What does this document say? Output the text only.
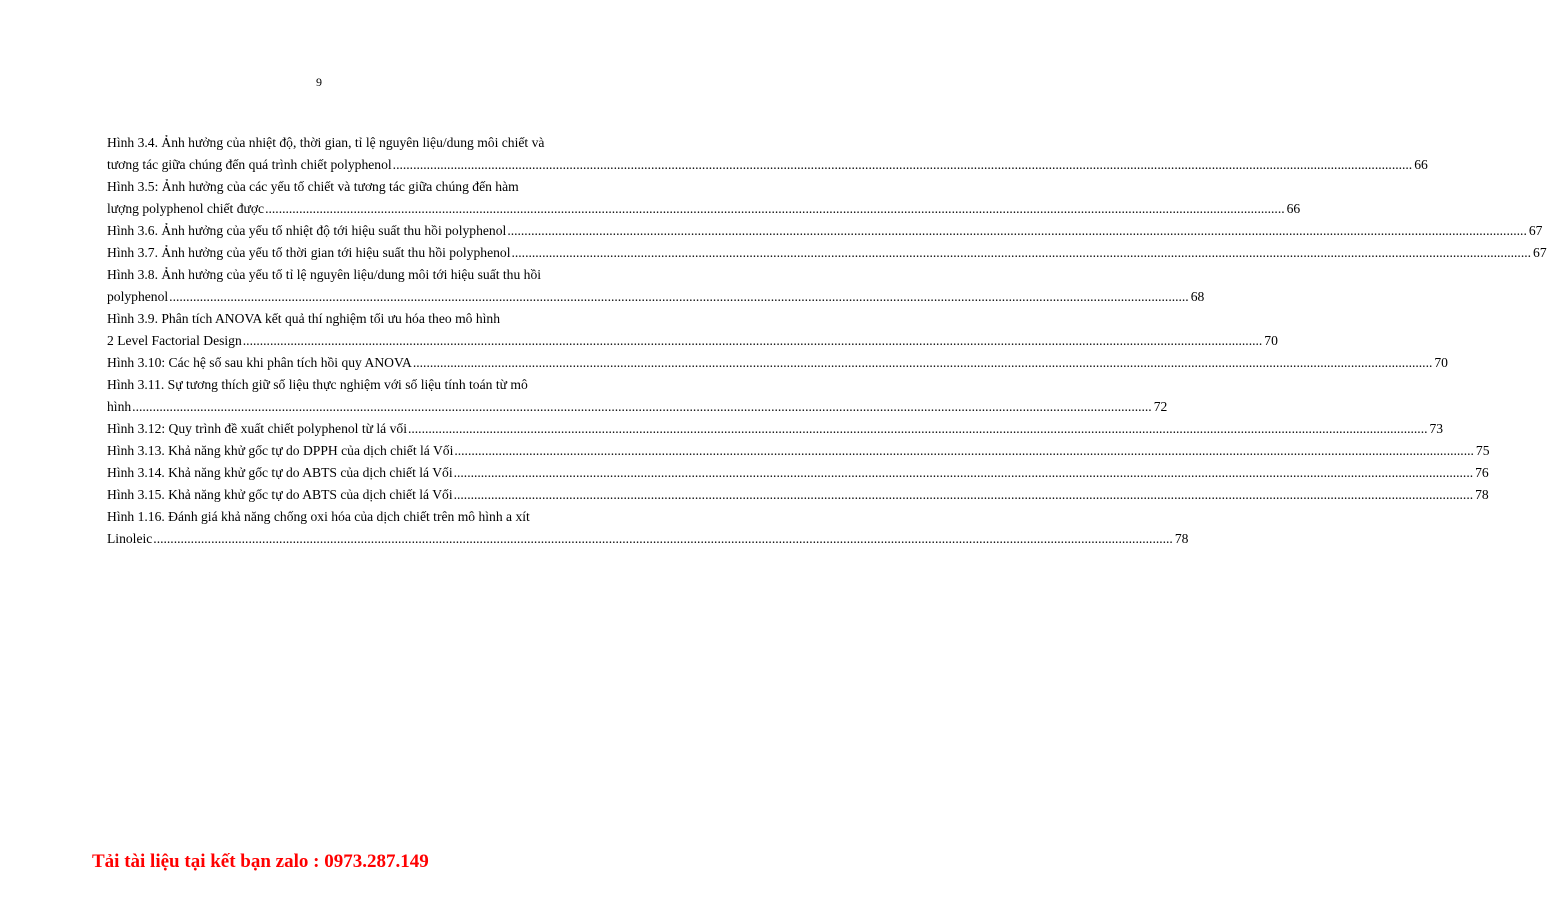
9
Hình 3.4. Ảnh hưởng của nhiệt độ, thời gian, tỉ lệ nguyên liệu/dung môi chiết và
tương tác giữa chúng đến quá trình chiết polyphenol ............................................................................................................................................................................................................................................................................................................ 66
Hình 3.5: Ảnh hưởng của các yếu tố chiết và tương tác giữa chúng đến hàm
lượng polyphenol chiết được ............................................................................................................................................................................................................................................................................................................ 66
Hình 3.6. Ảnh hưởng của yếu tố nhiệt độ tới hiệu suất thu hồi polyphenol ............................................................................................................................................................................................................................................................................................................ 67
Hình 3.7. Ảnh hưởng của yếu tố thời gian tới hiệu suất thu hồi polyphenol ............................................................................................................................................................................................................................................................................................................ 67
Hình 3.8. Ảnh hưởng của yếu tố tỉ lệ nguyên liệu/dung môi tới hiệu suất thu hồi
polyphenol ............................................................................................................................................................................................................................................................................................................ 68
Hình 3.9. Phân tích ANOVA kết quả thí nghiệm tối ưu hóa theo mô hình
2 Level Factorial Design ............................................................................................................................................................................................................................................................................................................ 70
Hình 3.10: Các hệ số sau khi phân tích hồi quy ANOVA ............................................................................................................................................................................................................................................................................................................ 70
Hình 3.11. Sự tương thích giữ số liệu thực nghiệm với số liệu tính toán từ mô
hình ............................................................................................................................................................................................................................................................................................................ 72
Hình 3.12: Quy trình đề xuất chiết polyphenol từ lá vối ............................................................................................................................................................................................................................................................................................................ 73
Hình 3.13. Khả năng khử gốc tự do DPPH của dịch chiết lá Vối ............................................................................................................................................................................................................................................................................................................ 75
Hình 3.14. Khả năng khử gốc tự do ABTS của dịch chiết lá Vối ............................................................................................................................................................................................................................................................................................................ 76
Hình 3.15. Khả năng khử gốc tự do ABTS của dịch chiết lá Vối ............................................................................................................................................................................................................................................................................................................ 78
Hình 1.16. Đánh giá khả năng chống oxi hóa của dịch chiết trên mô hình a xít
Linoleic ............................................................................................................................................................................................................................................................................................................ 78
Tải tài liệu tại kết bạn zalo : 0973.287.149
